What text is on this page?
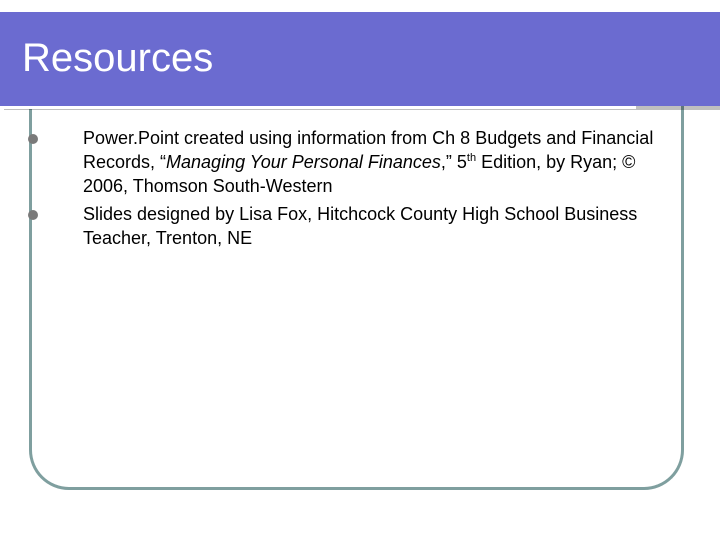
Resources
Power.Point created using information from Ch 8 Budgets and Financial Records, “Managing Your Personal Finances,” 5th Edition, by Ryan; © 2006, Thomson South-Western
Slides designed by Lisa Fox, Hitchcock County High School Business Teacher, Trenton, NE
